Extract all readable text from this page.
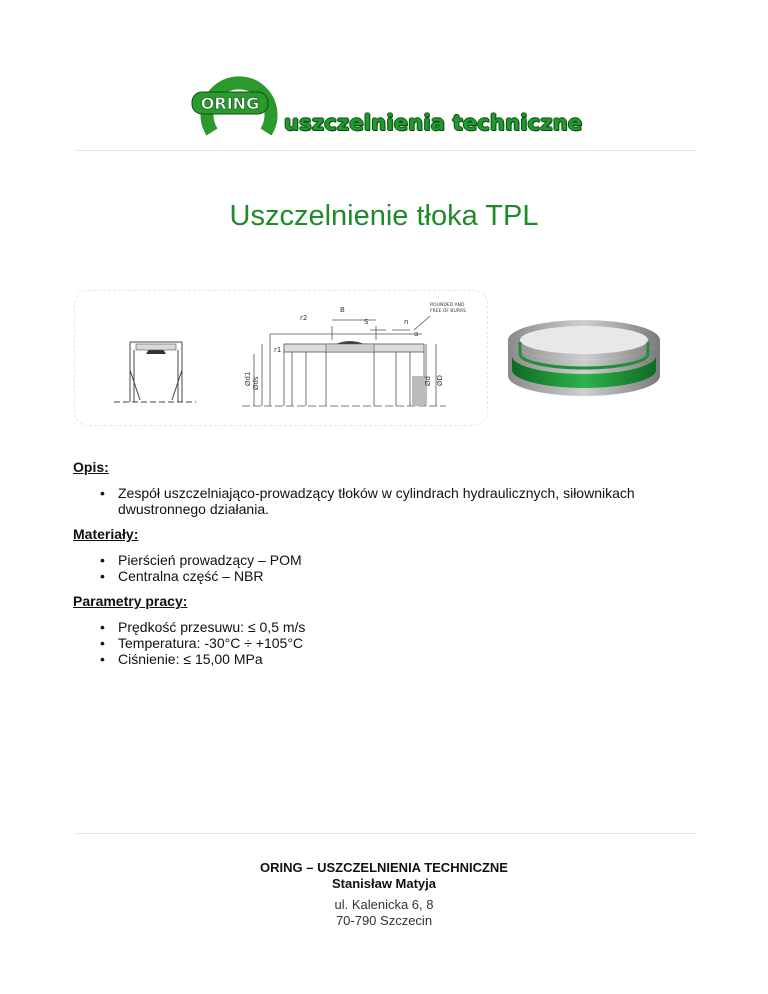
ORING
uszczelnienia techniczne
Uszczelnienie tłoka TPL
B
S	n
r2
r1
a
Ød1 Øds	Ød ØD
ROUNDED AND
FREE OF BURRS
Opis:
• Zespół uszczelniająco-prowadzący tłoków w cylindrach hydraulicznych, siłownikach dwustronnego działania.
Materiały:
• Pierścień prowadzący – POM
• Centralna część – NBR
Parametry pracy:
• Prędkość przesuwu: ≤ 0,5 m/s
• Temperatura: -30°C ÷ +105°C
• Ciśnienie: ≤ 15,00 MPa
ORING – USZCZELNIENIA TECHNICZNE
Stanisław Matyja
ul. Kalenicka 6, 8
70-790 Szczecin
